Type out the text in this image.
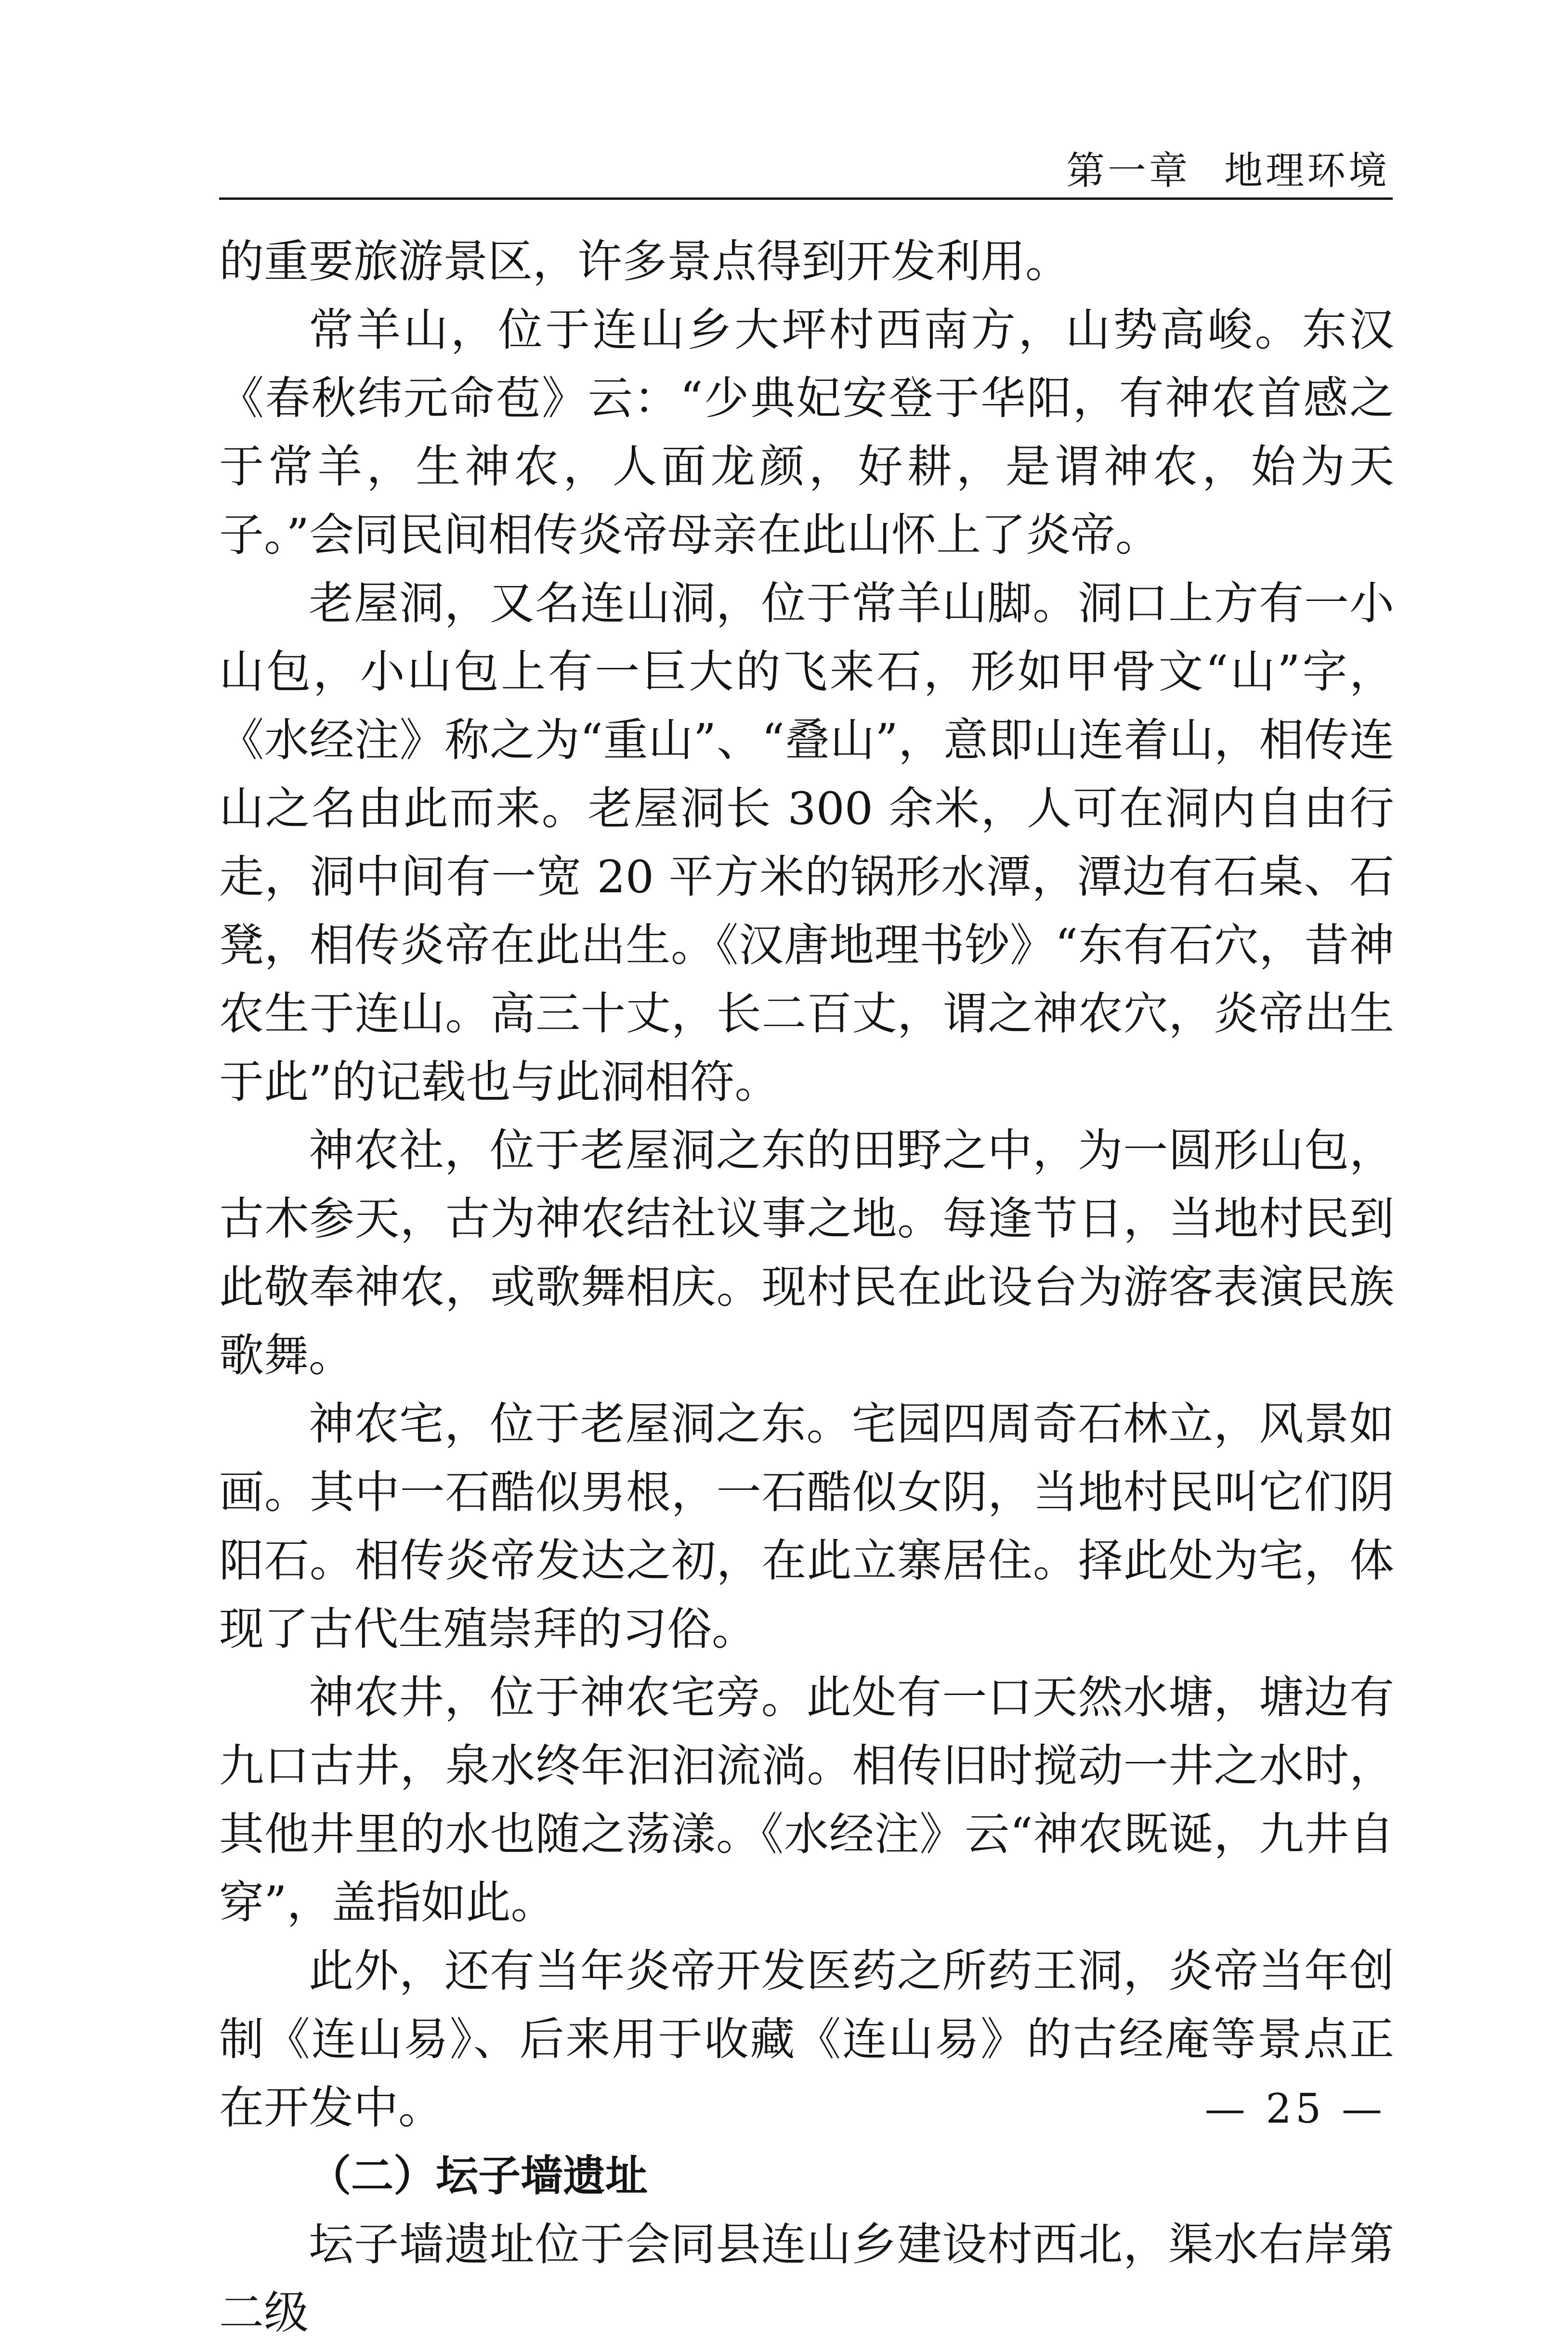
第一章 地理环境

的重要旅游景区，许多景点得到开发利用。

常羊山，位于连山乡大坪村西南方，山势高峻。东汉《春秋纬元命苞》云：“少典妃安登于华阳，有神农首感之于常羊，生神农，人面龙颜，好耕，是谓神农，始为天子。”会同民间相传炎帝母亲在此山怀上了炎帝。

老屋洞，又名连山洞，位于常羊山脚。洞口上方有一小山包，小山包上有一巨大的飞来石，形如甲骨文“山”字，《水经注》称之为“重山”、“叠山”，意即山连着山，相传连山之名由此而来。老屋洞长 300 余米，人可在洞内自由行走，洞中间有一宽 20 平方米的锅形水潭，潭边有石桌、石凳，相传炎帝在此出生。《汉唐地理书钞》“东有石穴，昔神农生于连山。高三十丈，长二百丈，谓之神农穴，炎帝出生于此”的记载也与此洞相符。

神农社，位于老屋洞之东的田野之中，为一圆形山包，古木参天，古为神农结社议事之地。每逢节日，当地村民到此敬奉神农，或歌舞相庆。现村民在此设台为游客表演民族歌舞。

神农宅，位于老屋洞之东。宅园四周奇石林立，风景如画。其中一石酷似男根，一石酷似女阴，当地村民叫它们阴阳石。相传炎帝发达之初，在此立寨居住。择此处为宅，体现了古代生殖崇拜的习俗。

神农井，位于神农宅旁。此处有一口天然水塘，塘边有九口古井，泉水终年汩汩流淌。相传旧时搅动一井之水时，其他井里的水也随之荡漾。《水经注》云“神农既诞，九井自穿”，盖指如此。

此外，还有当年炎帝开发医药之所药王洞，炎帝当年创制《连山易》、后来用于收藏《连山易》的古经庵等景点正在开发中。

（二）坛子墙遗址

坛子墙遗址位于会同县连山乡建设村西北，渠水右岸第二级

— 25 —
